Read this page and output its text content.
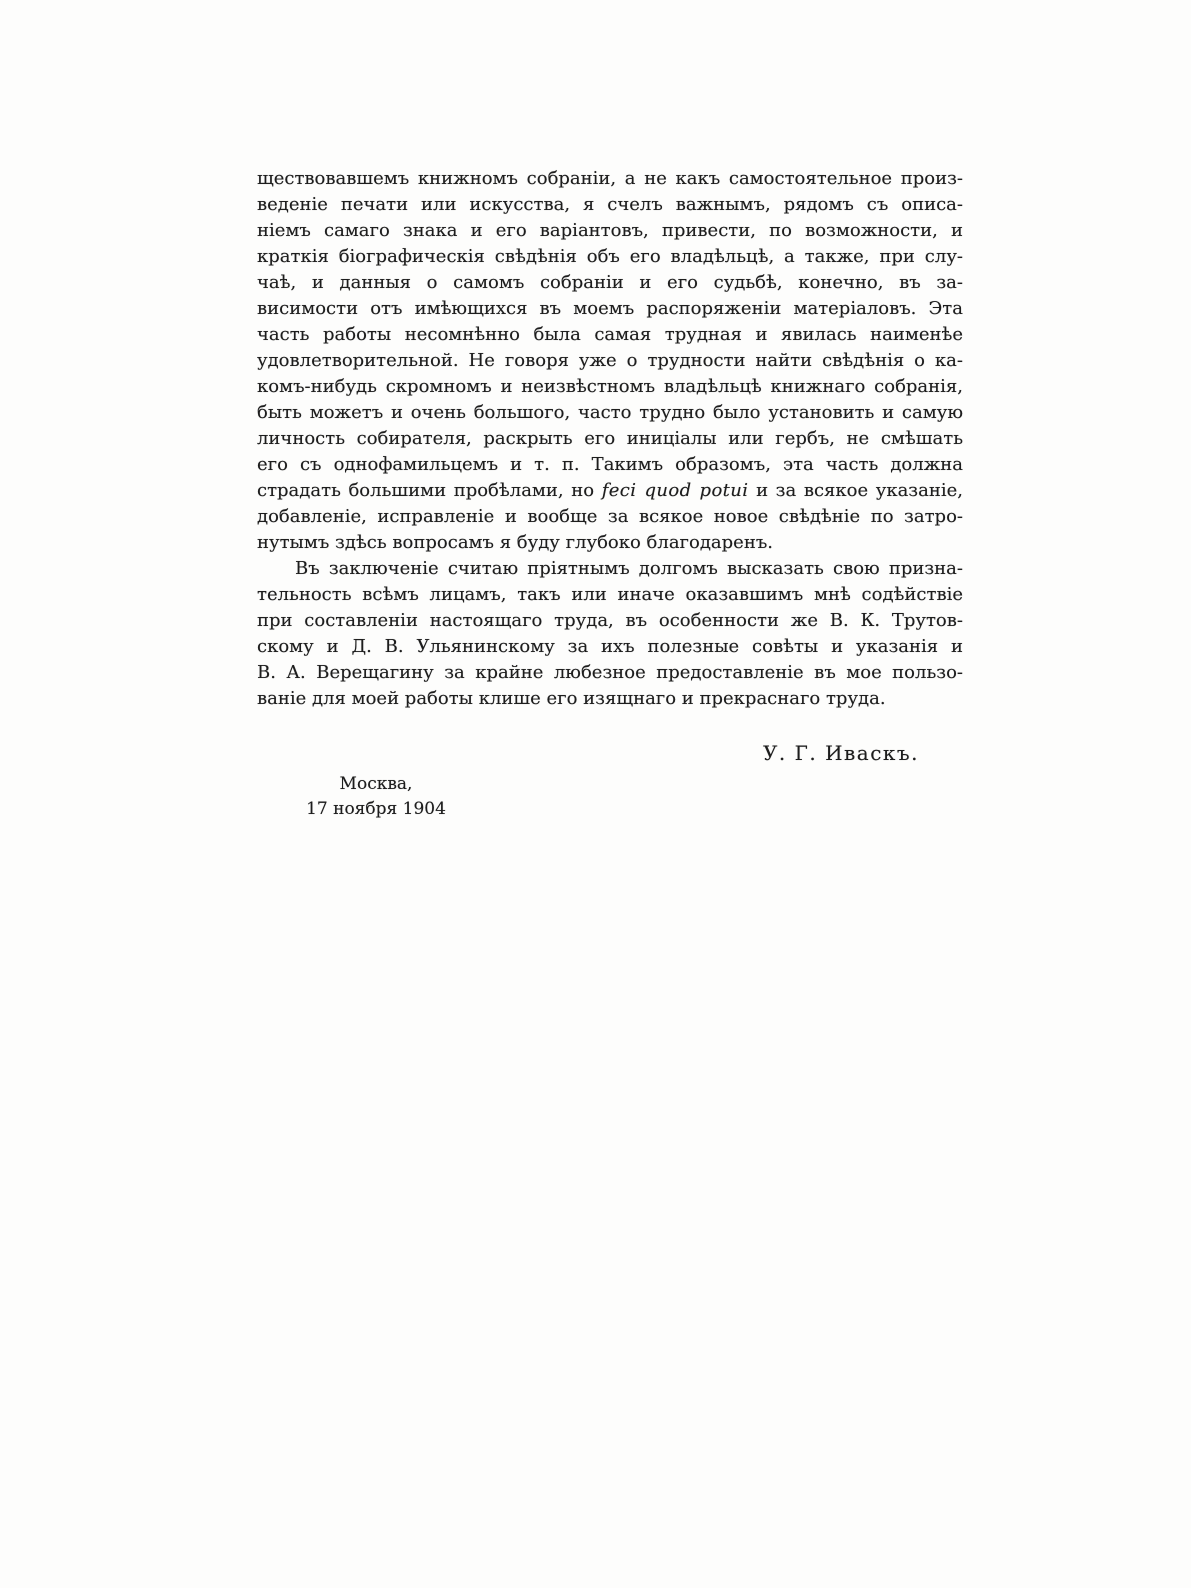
ществовавшемъ книжномъ собраніи, а не какъ самостоятельное произ-
веденіе печати или искусства, я счелъ важнымъ, рядомъ съ описа-
ніемъ самаго знака и его варіантовъ, привести, по возможности, и
краткія біографическія свѣдѣнія объ его владѣльцѣ, а также, при слу-
чаѣ, и данныя о самомъ собраніи и его судьбѣ, конечно, въ за-
висимости отъ имѣющихся въ моемъ распоряженіи матеріаловъ. Эта
часть работы несомнѣнно была самая трудная и явилась наименѣе
удовлетворительной. Не говоря уже о трудности найти свѣдѣнія о ка-
комъ-нибудь скромномъ и неизвѣстномъ владѣльцѣ книжнаго собранія,
быть можетъ и очень большого, часто трудно было установить и самую
личность собирателя, раскрыть его иниціалы или гербъ, не смѣшать
его съ однофамильцемъ и т. п. Такимъ образомъ, эта часть должна
страдать большими пробѣлами, но feci quod potui и за всякое указаніе,
добавленіе, исправленіе и вообще за всякое новое свѣдѣніе по затро-
нутымъ здѣсь вопросамъ я буду глубоко благодаренъ.
Въ заключеніе считаю пріятнымъ долгомъ высказать свою призна-
тельность всѣмъ лицамъ, такъ или иначе оказавшимъ мнѣ содѣйствіе
при составленіи настоящаго труда, въ особенности же В. К. Трутов-
скому и Д. В. Ульянинскому за ихъ полезные совѣты и указанія и
В. А. Верещагину за крайне любезное предоставленіе въ мое пользо-
ваніе для моей работы клише его изящнаго и прекраснаго труда.
У. Г. Иваскъ.
Москва,
17 ноября 1904
